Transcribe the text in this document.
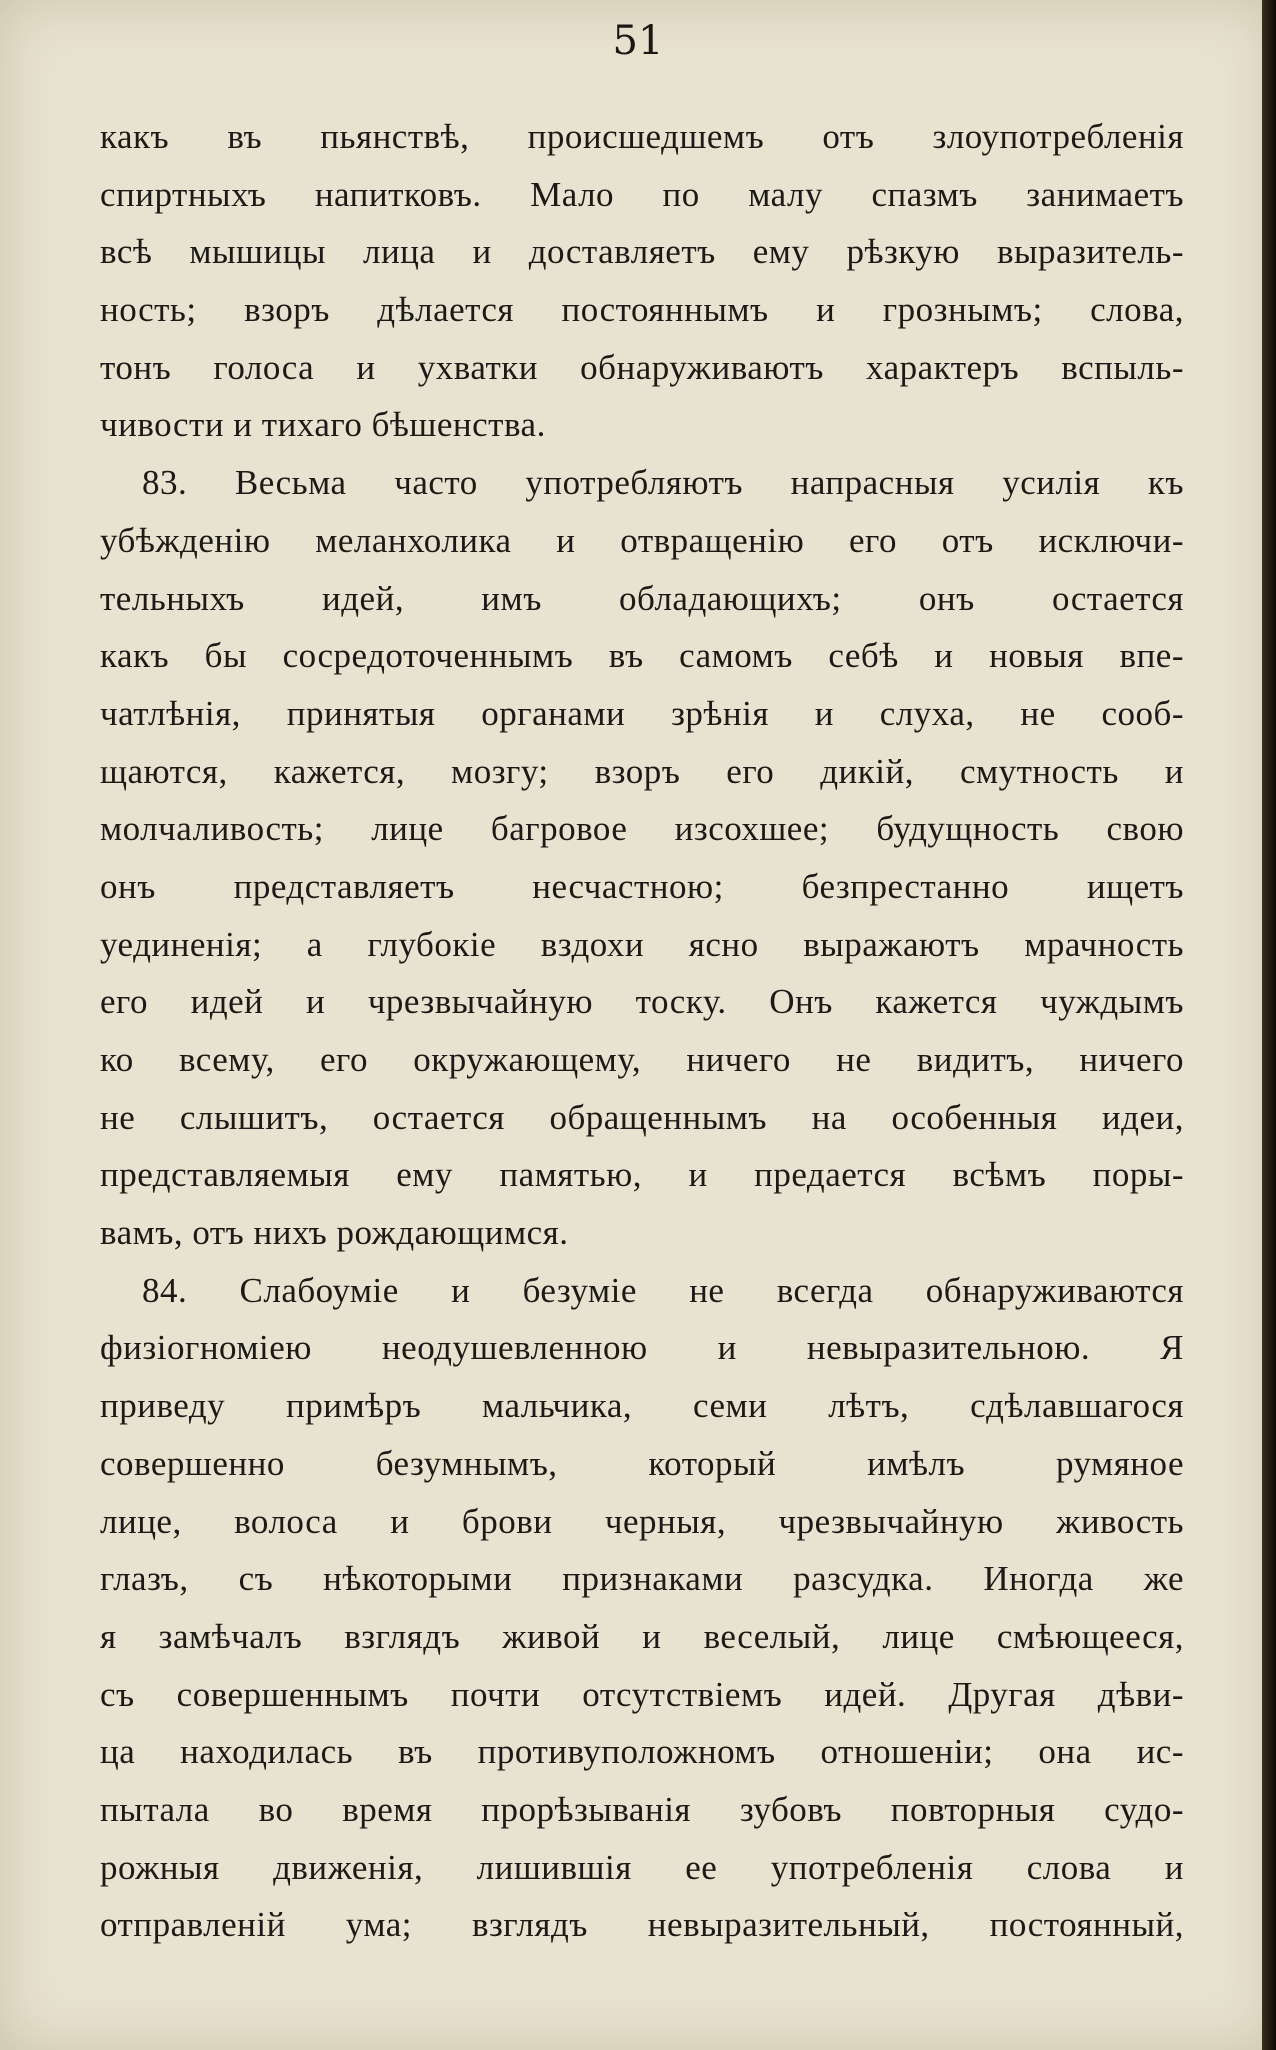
51
какъ въ пьянствѣ, происшедшемъ отъ злоупотребленія
спиртныхъ напитковъ. Мало по малу спазмъ занимаетъ
всѣ мышицы лица и доставляетъ ему рѣзкую выразитель-
ность; взоръ дѣлается постояннымъ и грознымъ; слова,
тонъ голоса и ухватки обнаруживаютъ характеръ вспыль-
чивости и тихаго бѣшенства.
83. Весьма часто употребляютъ напрасныя усилія къ
убѣжденію меланхолика и отвращенію его отъ исключи-
тельныхъ идей, имъ обладающихъ; онъ остается
какъ бы сосредоточеннымъ въ самомъ себѣ и новыя впе-
чатлѣнія, принятыя органами зрѣнія и слуха, не сооб-
щаются, кажется, мозгу; взоръ его дикій, смутность и
молчаливость; лице багровое изсохшее; будущность свою
онъ представляетъ несчастною; безпрестанно ищетъ
уединенія; а глубокіе вздохи ясно выражаютъ мрачность
его идей и чрезвычайную тоску. Онъ кажется чуждымъ
ко всему, его окружающему, ничего не видитъ, ничего
не слышитъ, остается обращеннымъ на особенныя идеи,
представляемыя ему памятью, и предается всѣмъ поры-
вамъ, отъ нихъ рождающимся.
84. Слабоуміе и безуміе не всегда обнаруживаются
физіогноміею неодушевленною и невыразительною. Я
приведу примѣръ мальчика, семи лѣтъ, сдѣлавшагося
совершенно безумнымъ, который имѣлъ румяное
лице, волоса и брови черныя, чрезвычайную живость
глазъ, съ нѣкоторыми признаками разсудка. Иногда же
я замѣчалъ взглядъ живой и веселый, лице смѣющееся,
съ совершеннымъ почти отсутствіемъ идей. Другая дѣви-
ца находилась въ противуположномъ отношеніи; она ис-
пытала во время прорѣзыванія зубовъ повторныя судо-
рожныя движенія, лишившія ее употребленія слова и
отправленій ума; взглядъ невыразительный, постоянный,
